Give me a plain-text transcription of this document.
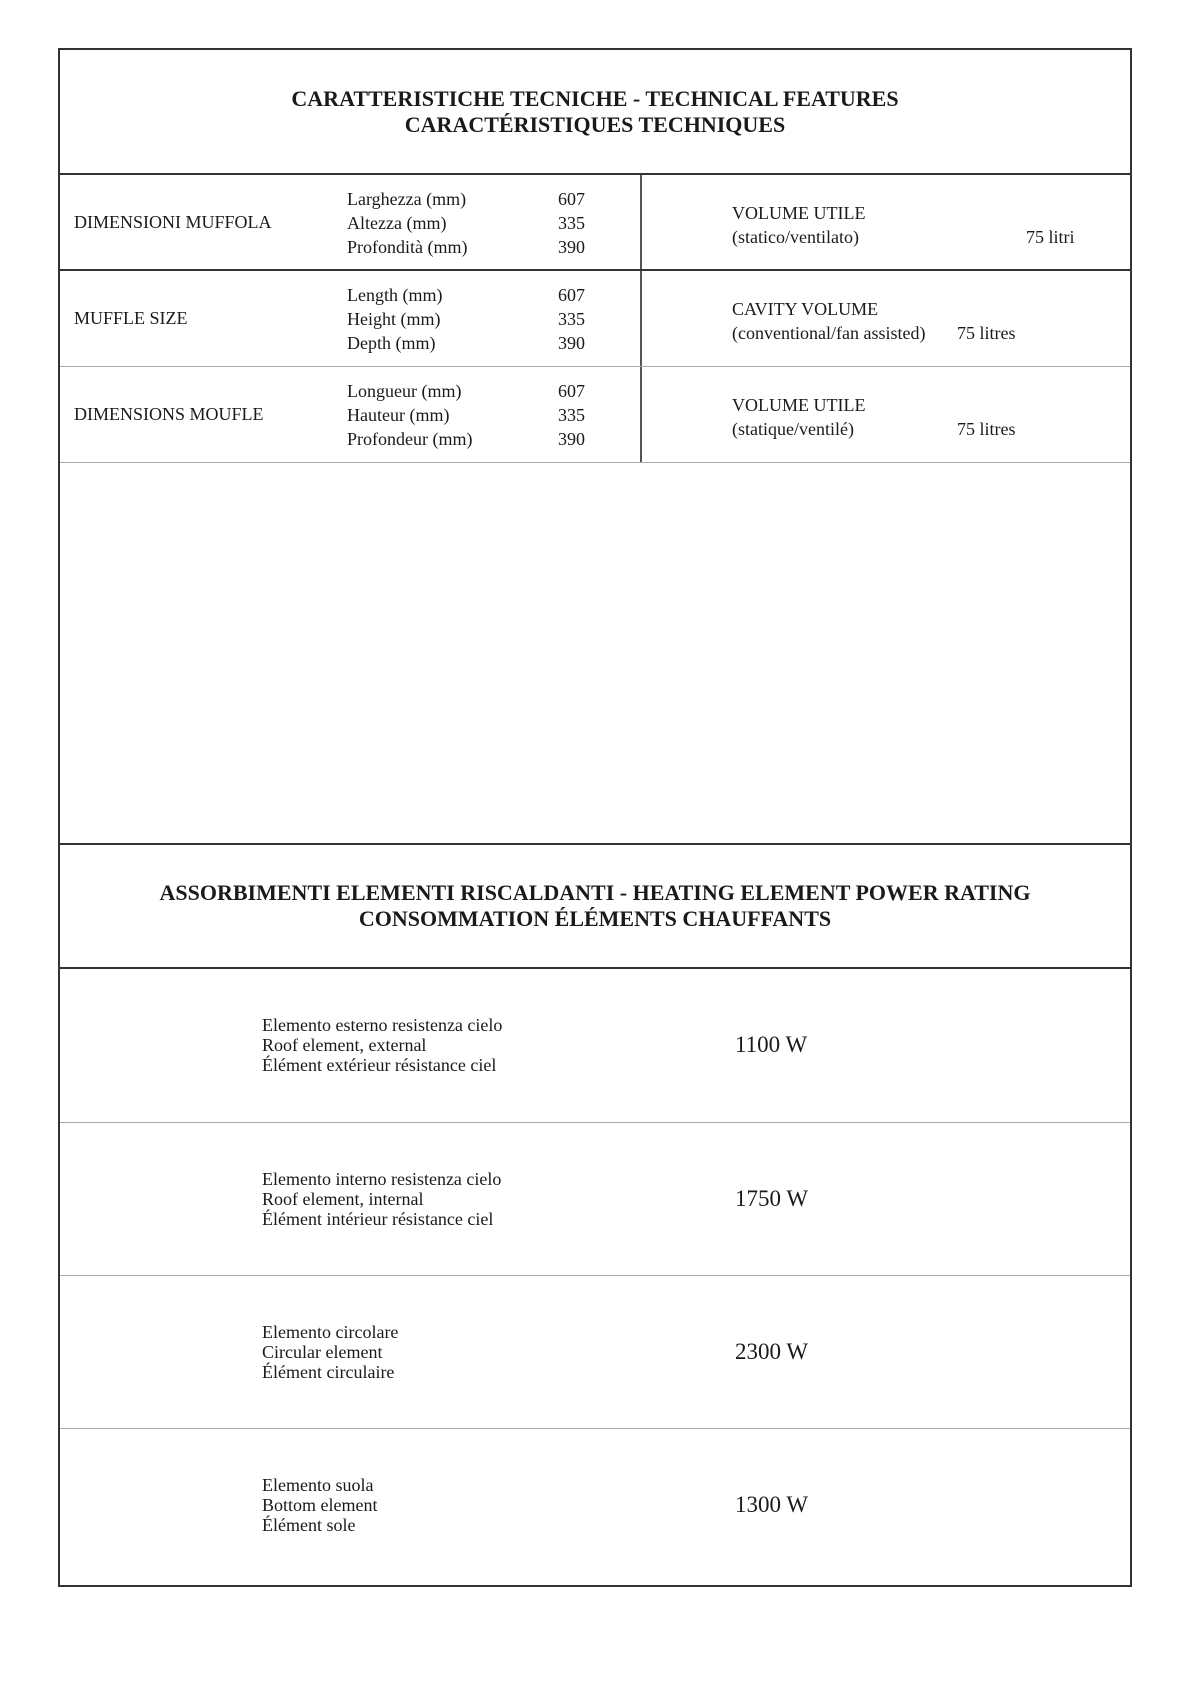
CARATTERISTICHE TECNICHE - TECHNICAL FEATURES
CARACTÉRISTIQUES TECHNIQUES
DIMENSIONI MUFFOLA
Larghezza (mm)
Altezza (mm)
Profondità (mm)
607
335
390
VOLUME UTILE
(statico/ventilato)	75 litri
MUFFLE SIZE
Length (mm)
Height (mm)
Depth (mm)
607
335
390
CAVITY VOLUME
(conventional/fan assisted) 75 litres
DIMENSIONS MOUFLE
Longueur (mm)
Hauteur (mm)
Profondeur (mm)
607
335
390
VOLUME UTILE
(statique/ventilé)	75 litres
ASSORBIMENTI ELEMENTI RISCALDANTI - HEATING ELEMENT POWER RATING
CONSOMMATION ÉLÉMENTS CHAUFFANTS
Elemento esterno resistenza cielo
Roof element, external
Élément extérieur résistance ciel
1100 W
Elemento interno resistenza cielo
Roof element, internal
Élément intérieur résistance ciel
1750 W
Elemento circolare
Circular element
Élément circulaire
2300 W
Elemento suola
Bottom element
Élément sole
1300 W
